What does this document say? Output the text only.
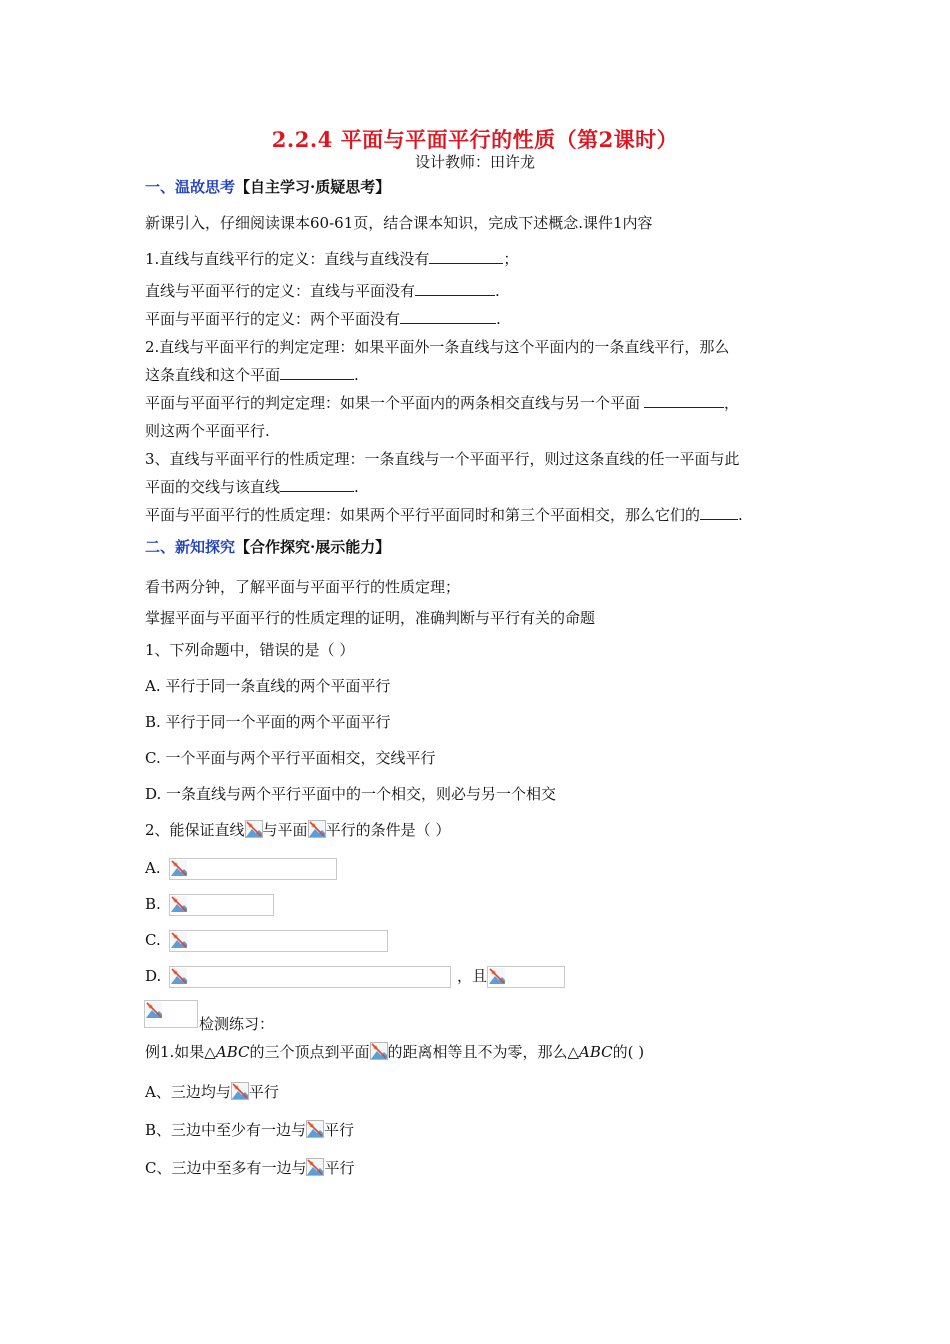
2.2.4 平面与平面平行的性质（第2课时）
设计教师：田许龙
一、温故思考【自主学习·质疑思考】
新课引入，仔细阅读课本60-61页，结合课本知识，完成下述概念.课件1内容
1.直线与直线平行的定义：直线与直线没有	；
直线与平面平行的定义：直线与平面没有	.
平面与平面平行的定义：两个平面没有	.
2.直线与平面平行的判定定理：如果平面外一条直线与这个平面内的一条直线平行，那么
这条直线和这个平面	.
平面与平面平行的判定定理：如果一个平面内的两条相交直线与另一个平面	，
则这两个平面平行.
3、直线与平面平行的性质定理：一条直线与一个平面平行，则过这条直线的任一平面与此
平面的交线与该直线	.
平面与平面平行的性质定理：如果两个平行平面同时和第三个平面相交，那么它们的	.
二、新知探究【合作探究·展示能力】
看书两分钟，了解平面与平面平行的性质定理；
掌握平面与平面平行的性质定理的证明，准确判断与平行有关的命题
1、下列命题中，错误的是（ ）
A. 平行于同一条直线的两个平面平行
B. 平行于同一个平面的两个平面平行
C. 一个平面与两个平行平面相交，交线平行
D. 一条直线与两个平行平面中的一个相交，则必与另一个相交
2、能保证直线 与平面 平行的条件是（ ）
A.
B.
C.
D.	，且
检测练习：
例1.如果△ABC的三个顶点到平面 的距离相等且不为零，那么△ABC的( )
A、三边均与 平行
B、三边中至少有一边与 平行
C、三边中至多有一边与 平行
